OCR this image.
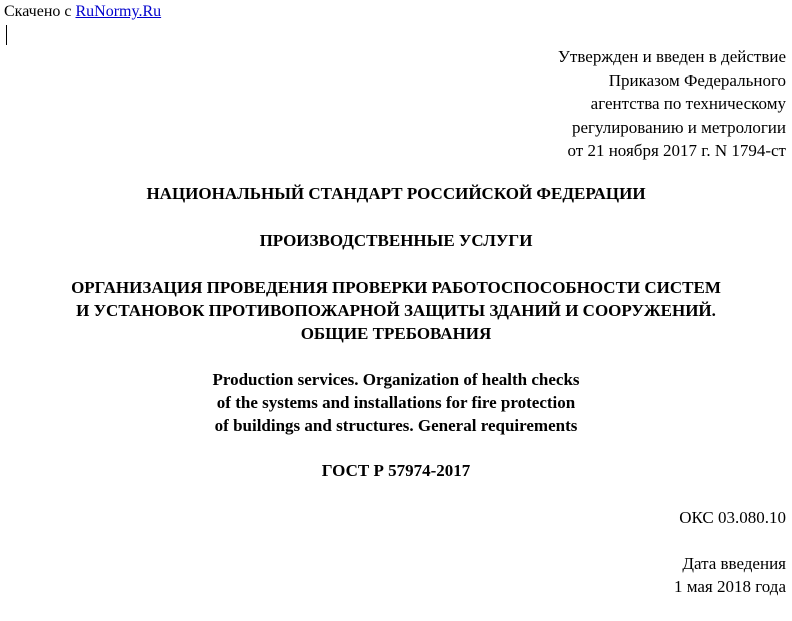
Скачено с RuNormy.Ru
Утвержден и введен в действие
Приказом Федерального
агентства по техническому
регулированию и метрологии
от 21 ноября 2017 г. N 1794-ст
НАЦИОНАЛЬНЫЙ СТАНДАРТ РОССИЙСКОЙ ФЕДЕРАЦИИ
ПРОИЗВОДСТВЕННЫЕ УСЛУГИ
ОРГАНИЗАЦИЯ ПРОВЕДЕНИЯ ПРОВЕРКИ РАБОТОСПОСОБНОСТИ СИСТЕМ
И УСТАНОВОК ПРОТИВОПОЖАРНОЙ ЗАЩИТЫ ЗДАНИЙ И СООРУЖЕНИЙ.
ОБЩИЕ ТРЕБОВАНИЯ
Production services. Organization of health checks
of the systems and installations for fire protection
of buildings and structures. General requirements
ГОСТ Р 57974-2017
ОКС 03.080.10
Дата введения
1 мая 2018 года
